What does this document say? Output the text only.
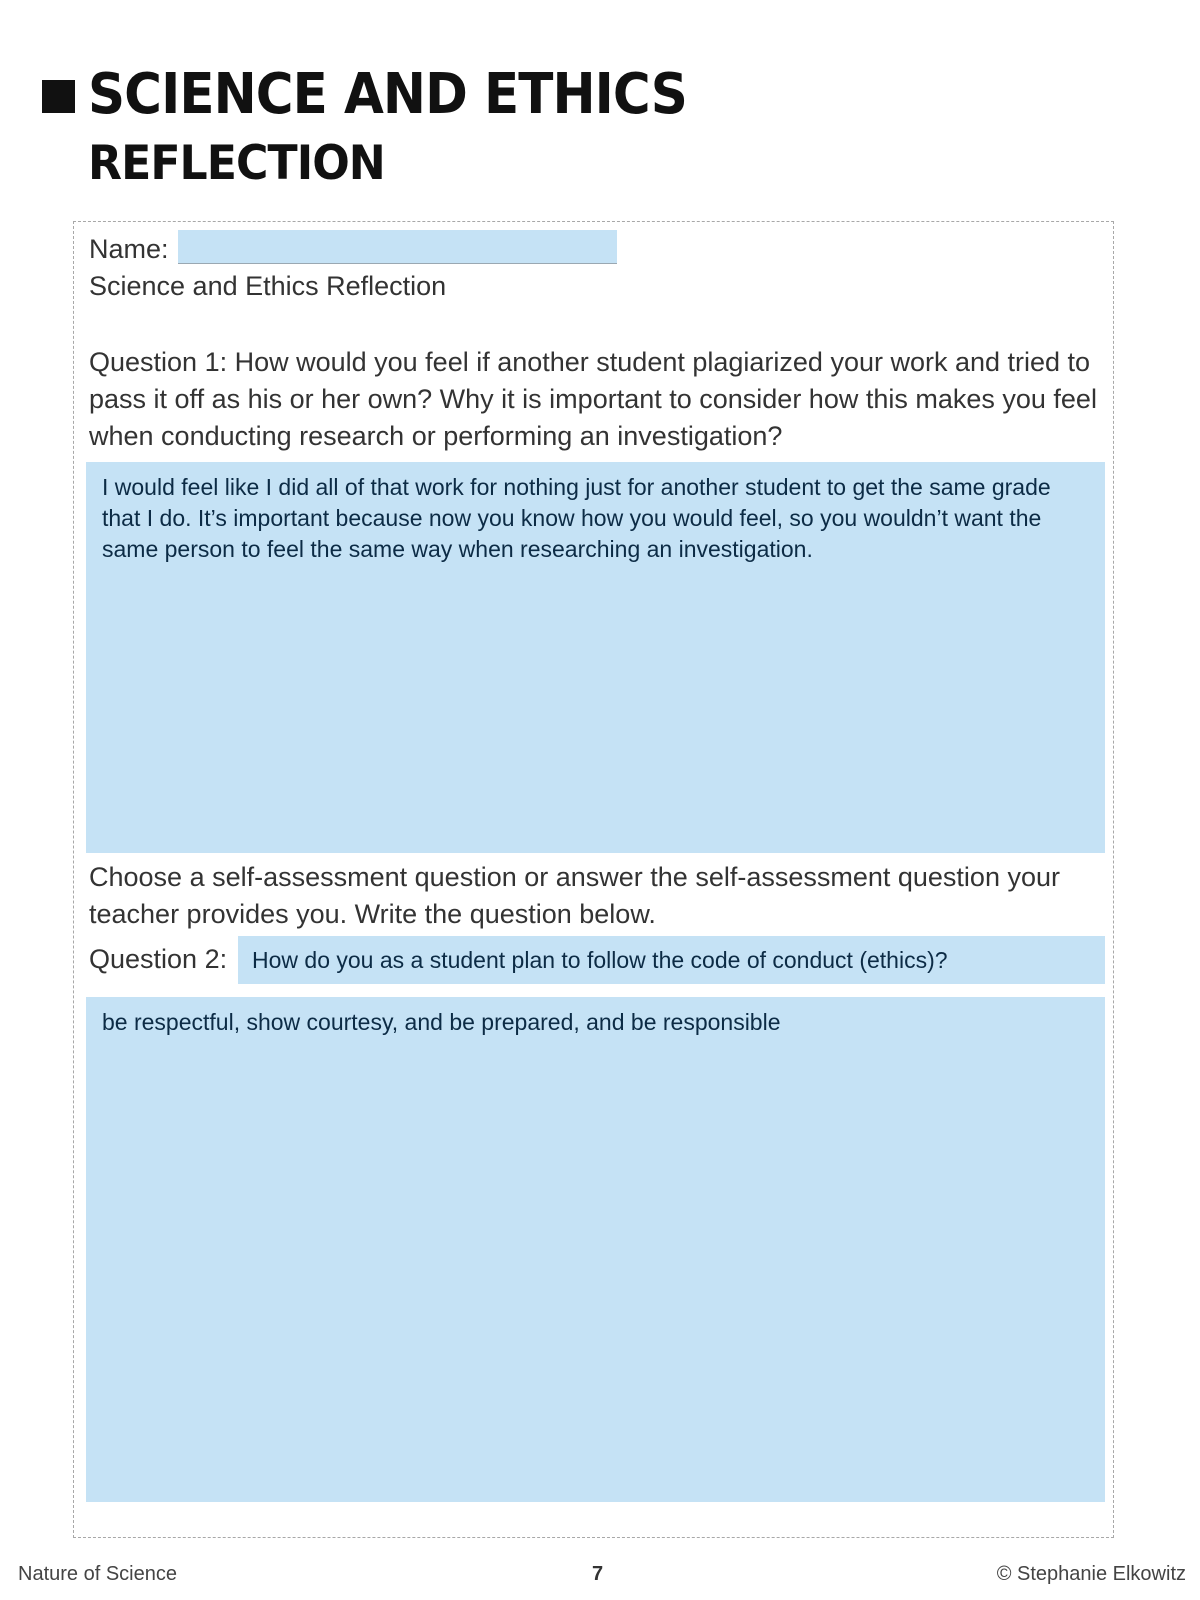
SCIENCE AND ETHICS
REFLECTION

Name:

Science and Ethics Reflection

Question 1: How would you feel if another student plagiarized your work and tried to pass it off as his or her own? Why it is important to consider how this makes you feel when conducting research or performing an investigation?

I would feel like I did all of that work for nothing just for another student to get the same grade that I do. It’s important because now you know how you would feel, so you wouldn’t want the same person to feel the same way when researching an investigation.

Choose a self-assessment question or answer the self-assessment question your teacher provides you. Write the question below.

Question 2:

How do you as a student plan to follow the code of conduct (ethics)?
be respectful, show courtesy, and be prepared, and be responsible
Nature of Science	7	© Stephanie Elkowitz
